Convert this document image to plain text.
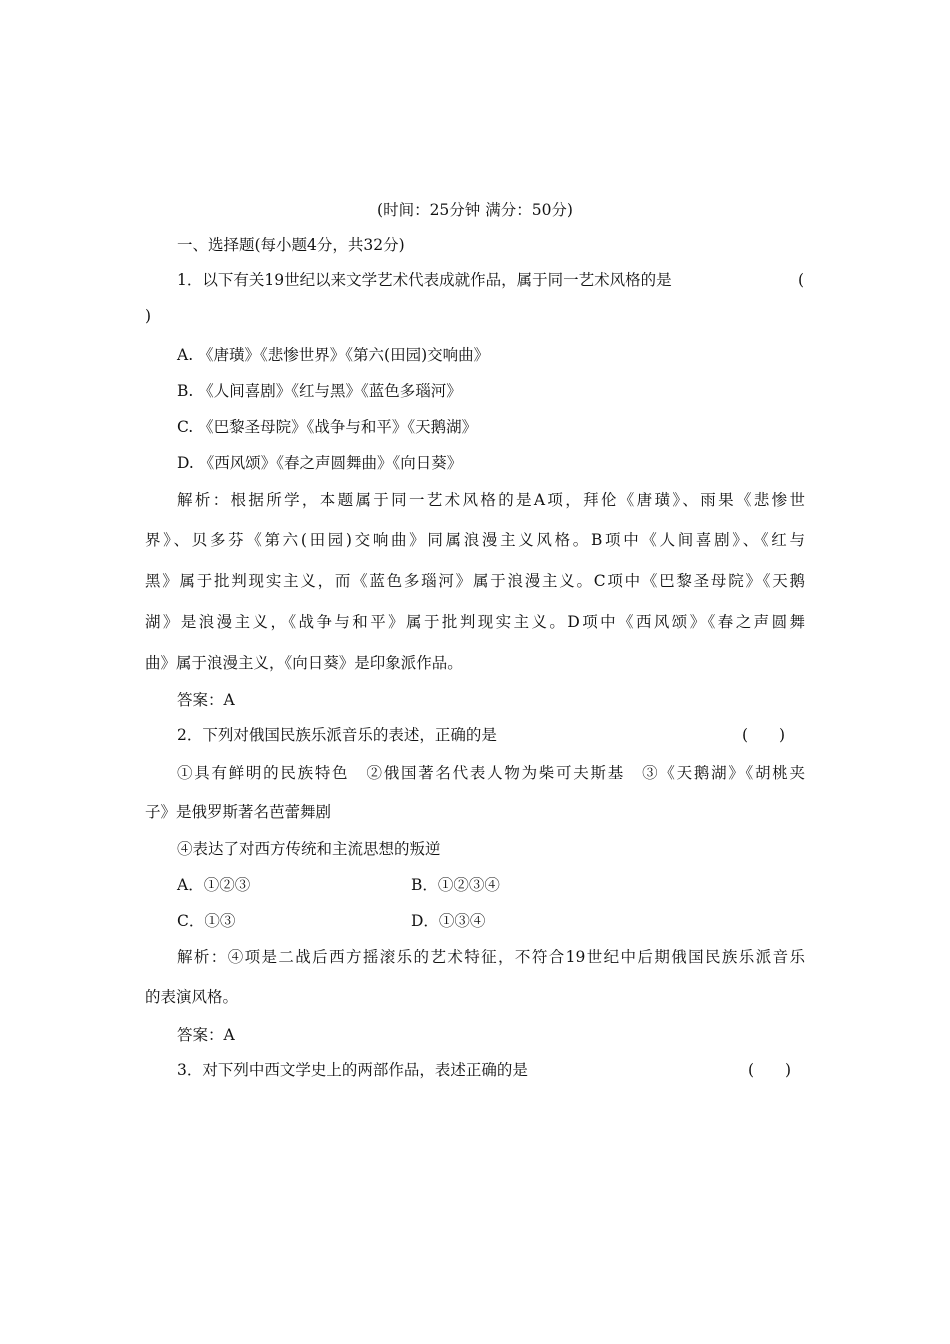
(时间：25分钟 满分：50分)
一、选择题(每小题4分，共32分)
1．以下有关19世纪以来文学艺术代表成就作品，属于同一艺术风格的是	(
)
A. 《唐璜》《悲惨世界》《第六(田园)交响曲》
B. 《人间喜剧》《红与黑》《蓝色多瑙河》
C. 《巴黎圣母院》《战争与和平》《天鹅湖》
D. 《西风颂》《春之声圆舞曲》《向日葵》
解析：根据所学，本题属于同一艺术风格的是A项，拜伦《唐璜》、雨果《悲惨世
界》、贝多芬《第六(田园)交响曲》同属浪漫主义风格。B项中《人间喜剧》、《红与
黑》属于批判现实主义，而《蓝色多瑙河》属于浪漫主义。C项中《巴黎圣母院》《天鹅
湖》是浪漫主义，《战争与和平》属于批判现实主义。D项中《西风颂》《春之声圆舞
曲》属于浪漫主义，《向日葵》是印象派作品。
答案：A
2．下列对俄国民族乐派音乐的表述，正确的是	(　　)
①具有鲜明的民族特色　②俄国著名代表人物为柴可夫斯基　③《天鹅湖》《胡桃夹
子》是俄罗斯著名芭蕾舞剧
④表达了对西方传统和主流思想的叛逆
A．①②③	B．①②③④
C．①③	D．①③④
解析：④项是二战后西方摇滚乐的艺术特征，不符合19世纪中后期俄国民族乐派音乐
的表演风格。
答案：A
3．对下列中西文学史上的两部作品，表述正确的是	(　　)
